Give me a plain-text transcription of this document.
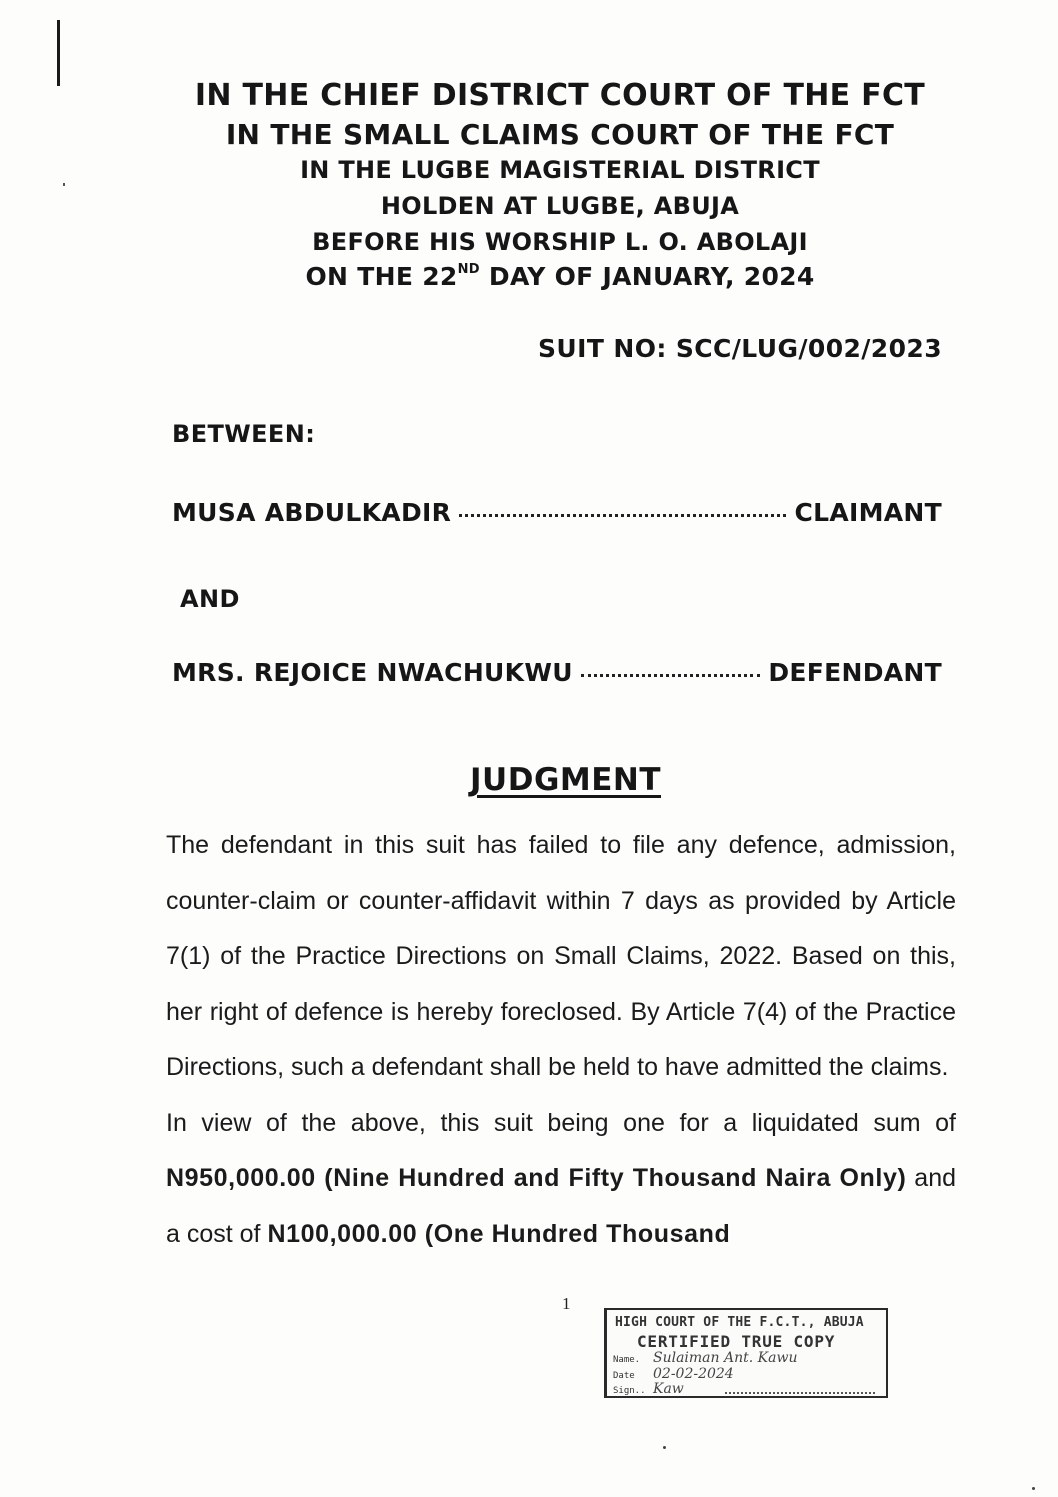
IN THE CHIEF DISTRICT COURT OF THE FCT
IN THE SMALL CLAIMS COURT OF THE FCT
IN THE LUGBE MAGISTERIAL DISTRICT
HOLDEN AT LUGBE, ABUJA
BEFORE HIS WORSHIP L. O. ABOLAJI
ON THE 22ND DAY OF JANUARY, 2024
SUIT NO: SCC/LUG/002/2023
BETWEEN:
MUSA ABDULKADIR	CLAIMANT
AND
MRS. REJOICE NWACHUKWU	DEFENDANT
JUDGMENT

The defendant in this suit has failed to file any defence, admission, counter-claim or counter-affidavit within 7 days as provided by Article 7(1) of the Practice Directions on Small Claims, 2022. Based on this, her right of defence is hereby foreclosed. By Article 7(4) of the Practice Directions, such a defendant shall be held to have admitted the claims.

In view of the above, this suit being one for a liquidated sum of N950,000.00 (Nine Hundred and Fifty Thousand Naira Only) and a cost of N100,000.00 (One Hundred Thousand

1
HIGH COURT OF THE F.C.T., ABUJA
CERTIFIED TRUE COPY
Name. Sulaiman Ant. Kawu
Date 02-02-2024
Sign.. Kaw
